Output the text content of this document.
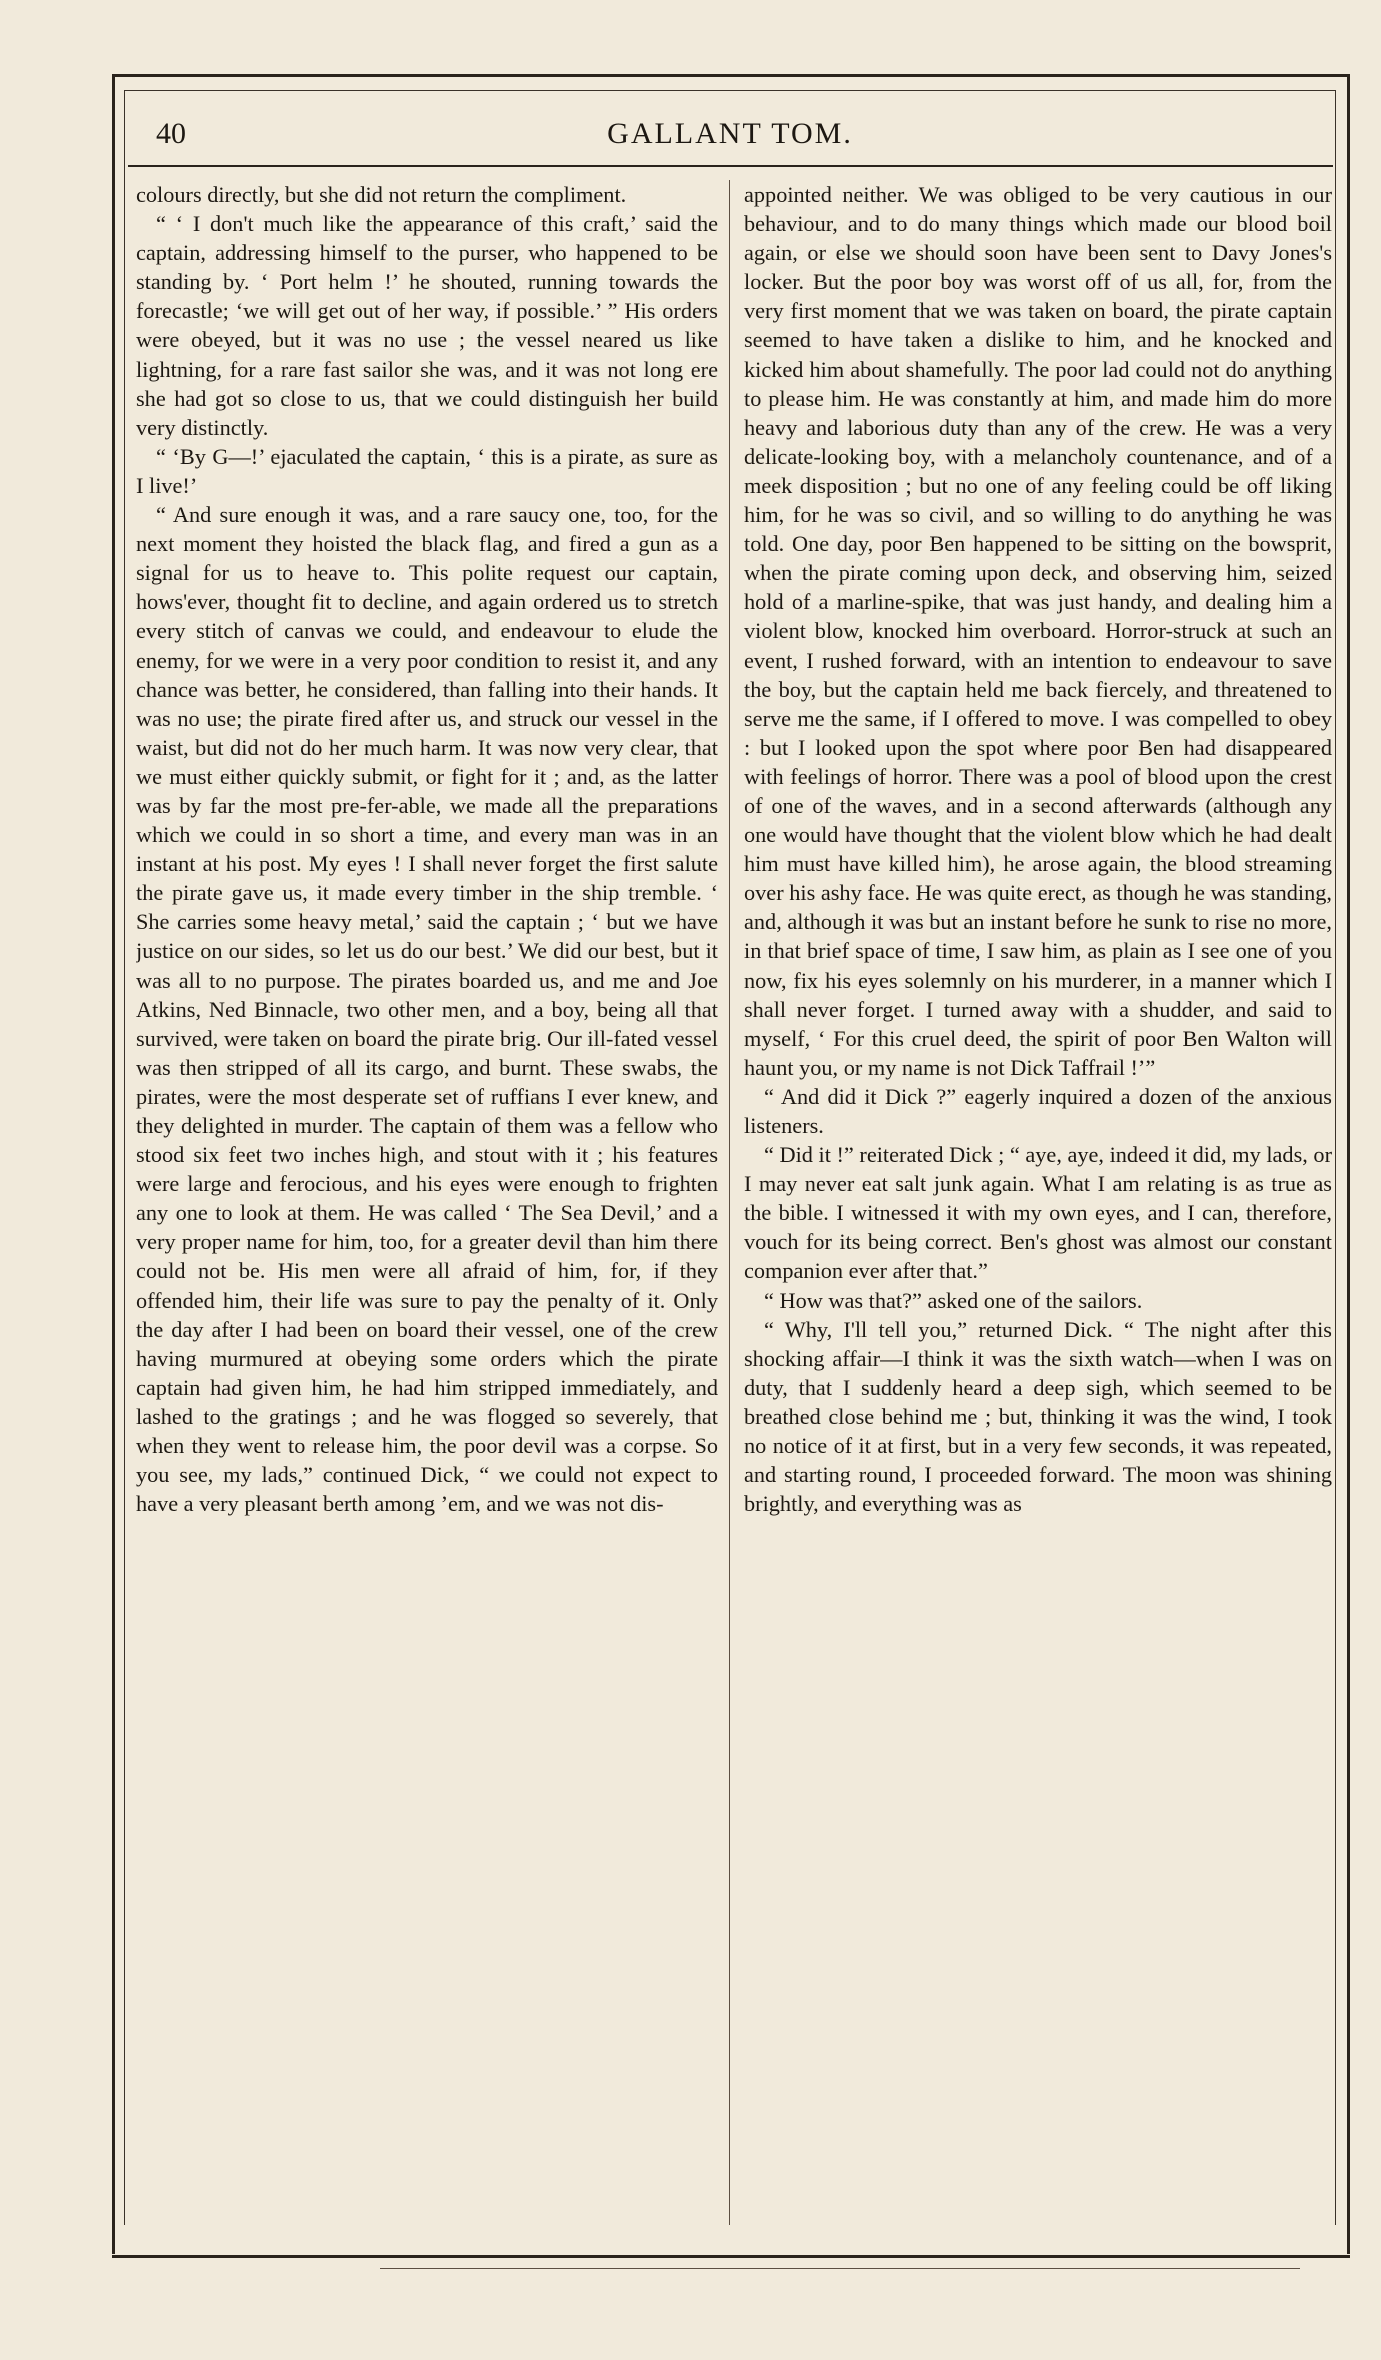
40	GALLANT TOM.

colours directly, but she did not return the compliment.

“ ‘ I don't much like the appearance of this craft,’ said the captain, addressing himself to the purser, who happened to be standing by. ‘ Port helm !’ he shouted, running towards the forecastle; ‘we will get out of her way, if possible.’ ” His orders were obeyed, but it was no use ; the vessel neared us like lightning, for a rare fast sailor she was, and it was not long ere she had got so close to us, that we could distinguish her build very distinctly.

“ ‘By G—!’ ejaculated the captain, ‘ this is a pirate, as sure as I live!’

“ And sure enough it was, and a rare saucy one, too, for the next moment they hoisted the black flag, and fired a gun as a signal for us to heave to. This polite request our captain, hows'ever, thought fit to decline, and again ordered us to stretch every stitch of canvas we could, and endeavour to elude the enemy, for we were in a very poor condition to resist it, and any chance was better, he considered, than falling into their hands. It was no use; the pirate fired after us, and struck our vessel in the waist, but did not do her much harm. It was now very clear, that we must either quickly submit, or fight for it ; and, as the latter was by far the most pre-fer-able, we made all the preparations which we could in so short a time, and every man was in an instant at his post. My eyes ! I shall never forget the first salute the pirate gave us, it made every timber in the ship tremble. ‘ She carries some heavy metal,’ said the captain ; ‘ but we have justice on our sides, so let us do our best.’ We did our best, but it was all to no purpose. The pirates boarded us, and me and Joe Atkins, Ned Binnacle, two other men, and a boy, being all that survived, were taken on board the pirate brig. Our ill-fated vessel was then stripped of all its cargo, and burnt. These swabs, the pirates, were the most desperate set of ruffians I ever knew, and they delighted in murder. The captain of them was a fellow who stood six feet two inches high, and stout with it ; his features were large and ferocious, and his eyes were enough to frighten any one to look at them. He was called ‘ The Sea Devil,’ and a very proper name for him, too, for a greater devil than him there could not be. His men were all afraid of him, for, if they offended him, their life was sure to pay the penalty of it. Only the day after I had been on board their vessel, one of the crew having murmured at obeying some orders which the pirate captain had given him, he had him stripped immediately, and lashed to the gratings ; and he was flogged so severely, that when they went to release him, the poor devil was a corpse. So you see, my lads,” continued Dick, “ we could not expect to have a very pleasant berth among ’em, and we was not dis-

appointed neither. We was obliged to be very cautious in our behaviour, and to do many things which made our blood boil again, or else we should soon have been sent to Davy Jones's locker. But the poor boy was worst off of us all, for, from the very first moment that we was taken on board, the pirate captain seemed to have taken a dislike to him, and he knocked and kicked him about shamefully. The poor lad could not do anything to please him. He was constantly at him, and made him do more heavy and laborious duty than any of the crew. He was a very delicate-looking boy, with a melancholy countenance, and of a meek disposition ; but no one of any feeling could be off liking him, for he was so civil, and so willing to do anything he was told. One day, poor Ben happened to be sitting on the bowsprit, when the pirate coming upon deck, and observing him, seized hold of a marline-spike, that was just handy, and dealing him a violent blow, knocked him overboard. Horror-struck at such an event, I rushed forward, with an intention to endeavour to save the boy, but the captain held me back fiercely, and threatened to serve me the same, if I offered to move. I was compelled to obey : but I looked upon the spot where poor Ben had disappeared with feelings of horror. There was a pool of blood upon the crest of one of the waves, and in a second afterwards (although any one would have thought that the violent blow which he had dealt him must have killed him), he arose again, the blood streaming over his ashy face. He was quite erect, as though he was standing, and, although it was but an instant before he sunk to rise no more, in that brief space of time, I saw him, as plain as I see one of you now, fix his eyes solemnly on his murderer, in a manner which I shall never forget. I turned away with a shudder, and said to myself, ‘ For this cruel deed, the spirit of poor Ben Walton will haunt you, or my name is not Dick Taffrail !’”

“ And did it Dick ?” eagerly inquired a dozen of the anxious listeners.

“ Did it !” reiterated Dick ; “ aye, aye, indeed it did, my lads, or I may never eat salt junk again. What I am relating is as true as the bible. I witnessed it with my own eyes, and I can, therefore, vouch for its being correct. Ben's ghost was almost our constant companion ever after that.”

“ How was that?” asked one of the sailors.

“ Why, I'll tell you,” returned Dick. “ The night after this shocking affair—I think it was the sixth watch—when I was on duty, that I suddenly heard a deep sigh, which seemed to be breathed close behind me ; but, thinking it was the wind, I took no notice of it at first, but in a very few seconds, it was repeated, and starting round, I proceeded forward. The moon was shining brightly, and everything was as
